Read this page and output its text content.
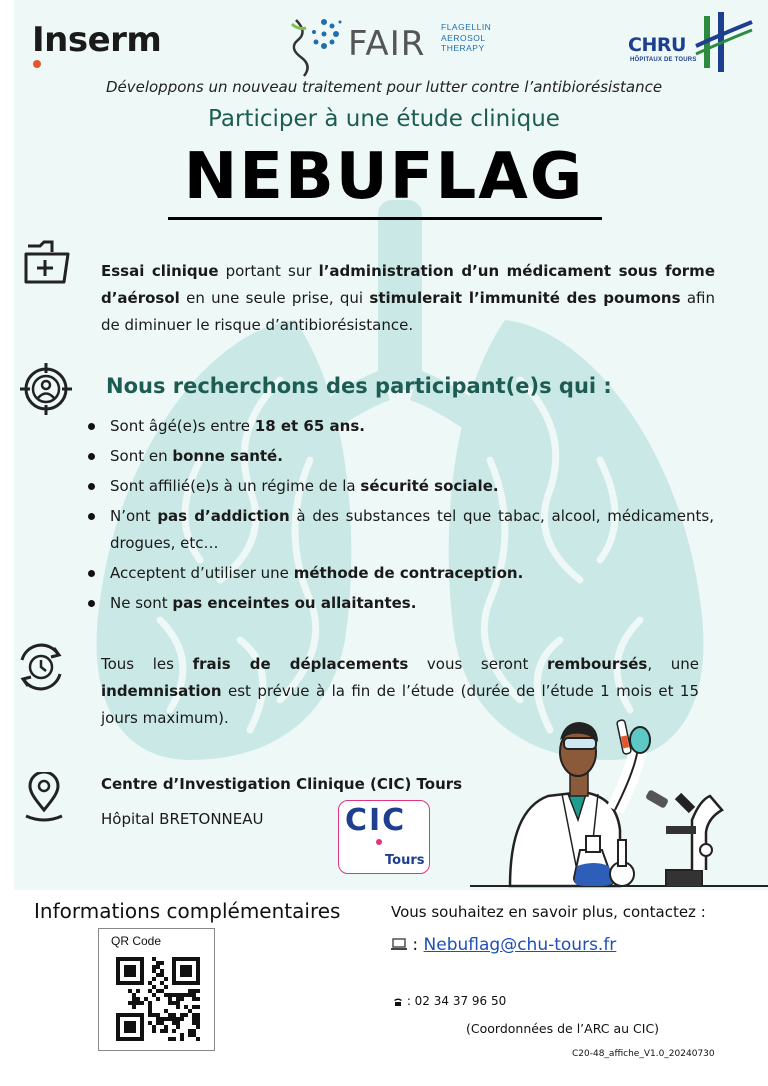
Inserm	FAIR FLAGELLIN
AEROSOL
THERAPY	CHRU
HÔPITAUX DE TOURS
Développons un nouveau traitement pour lutter contre l’antibiorésistance
Participer à une étude clinique
NEBUFLAG

Essai clinique portant sur l’administration d’un médicament sous forme d’aérosol en une seule prise, qui stimulerait l’immunité des poumons afin de diminuer le risque d’antibiorésistance.

Nous recherchons des participant(e)s qui :
Sont âgé(e)s entre 18 et 65 ans.
Sont en bonne santé.
Sont affilié(e)s à un régime de la sécurité sociale.
N’ont pas d’addiction à des substances tel que tabac, alcool, médicaments, drogues, etc…
Acceptent d’utiliser une méthode de contraception.
Ne sont pas enceintes ou allaitantes.

Tous les frais de déplacements vous seront remboursés, une indemnisation est prévue à la fin de l’étude (durée de l’étude 1 mois et 15 jours maximum).

Centre d’Investigation Clinique (CIC) Tours
Hôpital BRETONNEAU	CIC
Tours
Informations complémentaires
QR Code
Vous souhaitez en savoir plus, contactez :
: Nebuflag@chu-tours.fr
: 02 34 37 96 50
(Coordonnées de l’ARC au CIC)
C20-48_affiche_V1.0_20240730
